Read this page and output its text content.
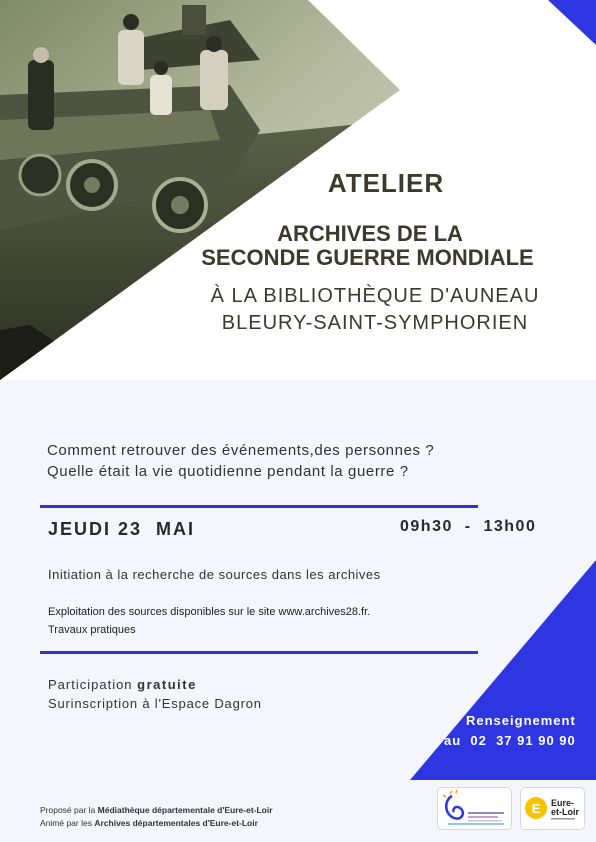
ATELIER
ARCHIVES DE LA
SECONDE GUERRE MONDIALE
À LA BIBLIOTHÈQUE D'AUNEAU
BLEURY-SAINT-SYMPHORIEN
Comment retrouver des événements,des personnes ?
Quelle était la vie quotidienne pendant la guerre ?
JEUDI 23  MAI	09h30  -  13h00
Initiation à la recherche de sources dans les archives
Exploitation des sources disponibles sur le site www.archives28.fr.
Travaux pratiques
Participation gratuite
Surinscription à l'Espace Dagron
Renseignement
au  02  37 91 90 90
Proposé par la Médiathèque départementale d'Eure-et-Loir
Animé par les Archives départementales d'Eure-et-Loir
E Eure-
et-Loir
